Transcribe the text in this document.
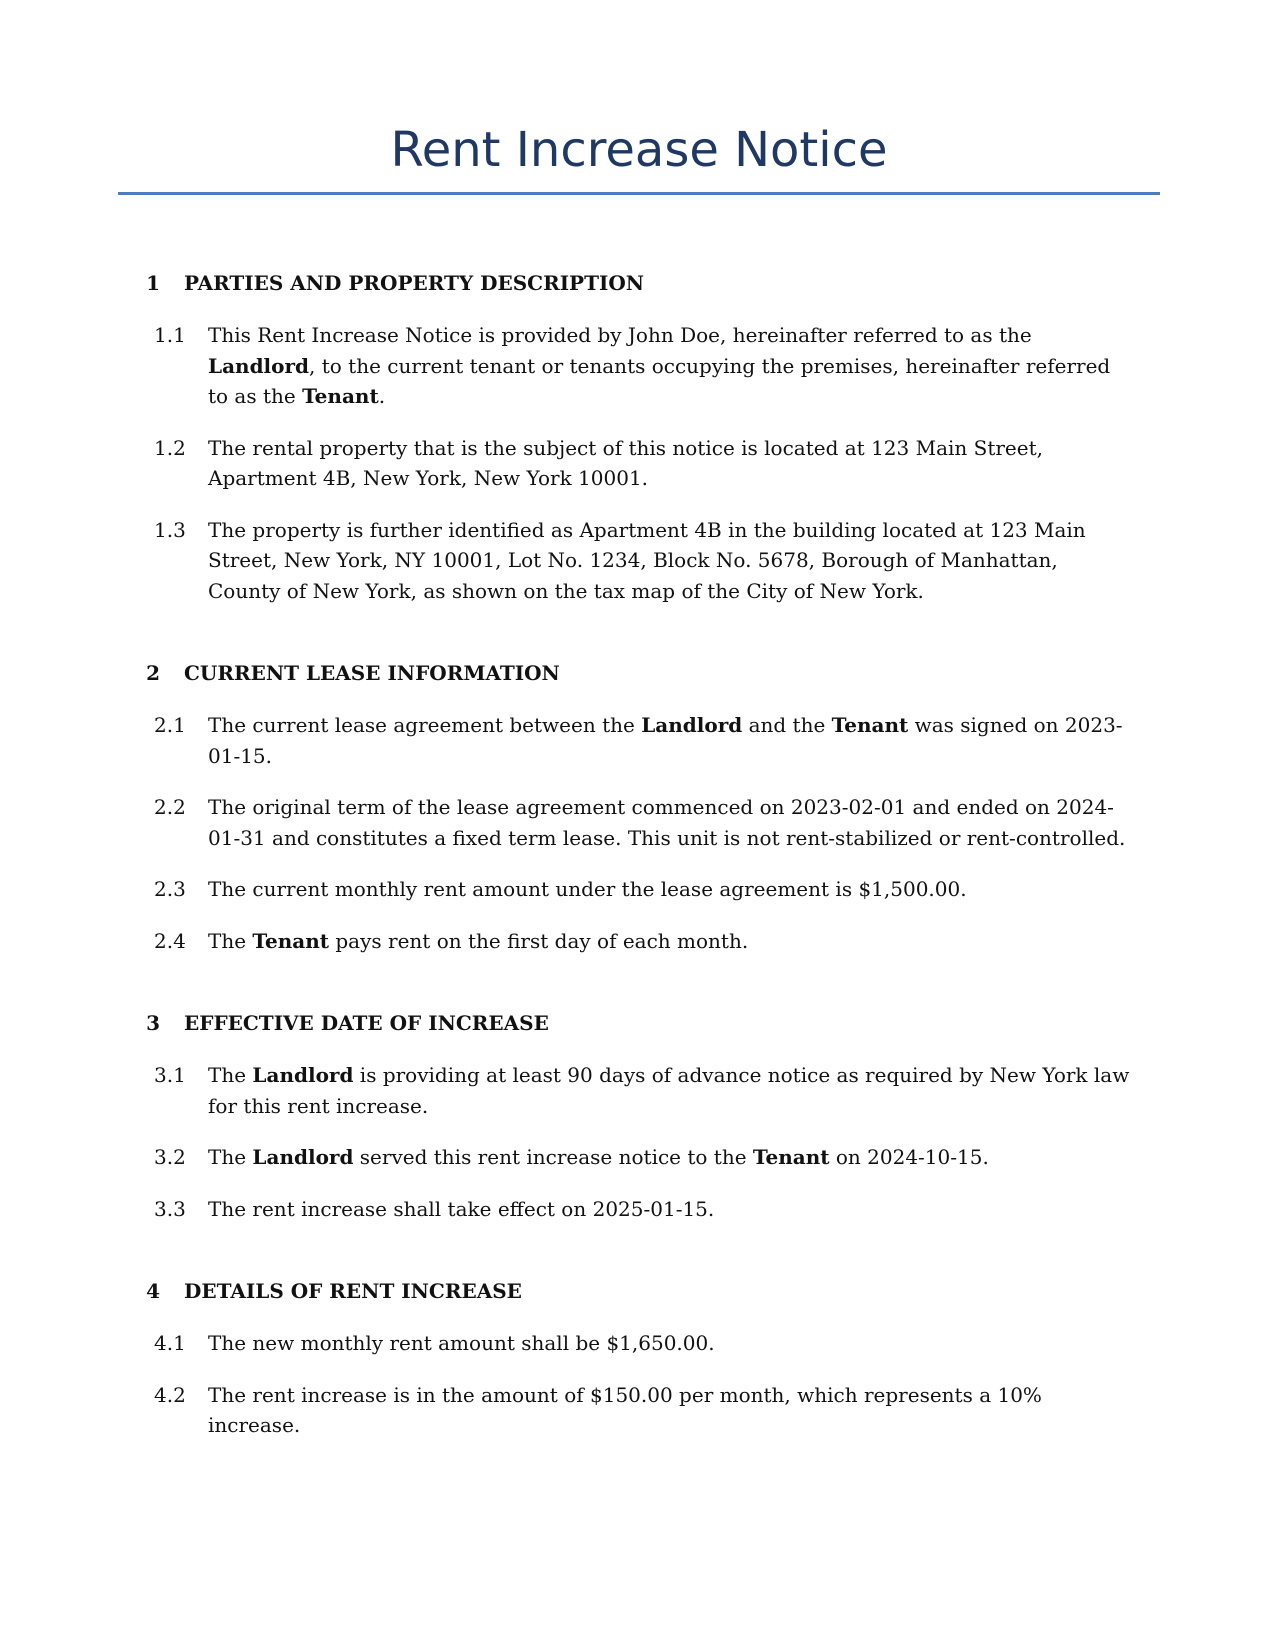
Rent Increase Notice
1	PARTIES AND PROPERTY DESCRIPTION
1.1	This Rent Increase Notice is provided by John Doe, hereinafter referred to as the Landlord, to the current tenant or tenants occupying the premises, hereinafter referred to as the Tenant.
1.2	The rental property that is the subject of this notice is located at 123 Main Street, Apartment 4B, New York, New York 10001.
1.3	The property is further identified as Apartment 4B in the building located at 123 Main Street, New York, NY 10001, Lot No. 1234, Block No. 5678, Borough of Manhattan, County of New York, as shown on the tax map of the City of New York.
2	CURRENT LEASE INFORMATION
2.1	The current lease agreement between the Landlord and the Tenant was signed on 2023-01-15.
2.2	The original term of the lease agreement commenced on 2023-02-01 and ended on 2024-01-31 and constitutes a fixed term lease. This unit is not rent-stabilized or rent-controlled.
2.3	The current monthly rent amount under the lease agreement is $1,500.00.
2.4	The Tenant pays rent on the first day of each month.
3	EFFECTIVE DATE OF INCREASE
3.1	The Landlord is providing at least 90 days of advance notice as required by New York law for this rent increase.
3.2	The Landlord served this rent increase notice to the Tenant on 2024-10-15.
3.3	The rent increase shall take effect on 2025-01-15.
4	DETAILS OF RENT INCREASE
4.1	The new monthly rent amount shall be $1,650.00.
4.2	The rent increase is in the amount of $150.00 per month, which represents a 10% increase.
